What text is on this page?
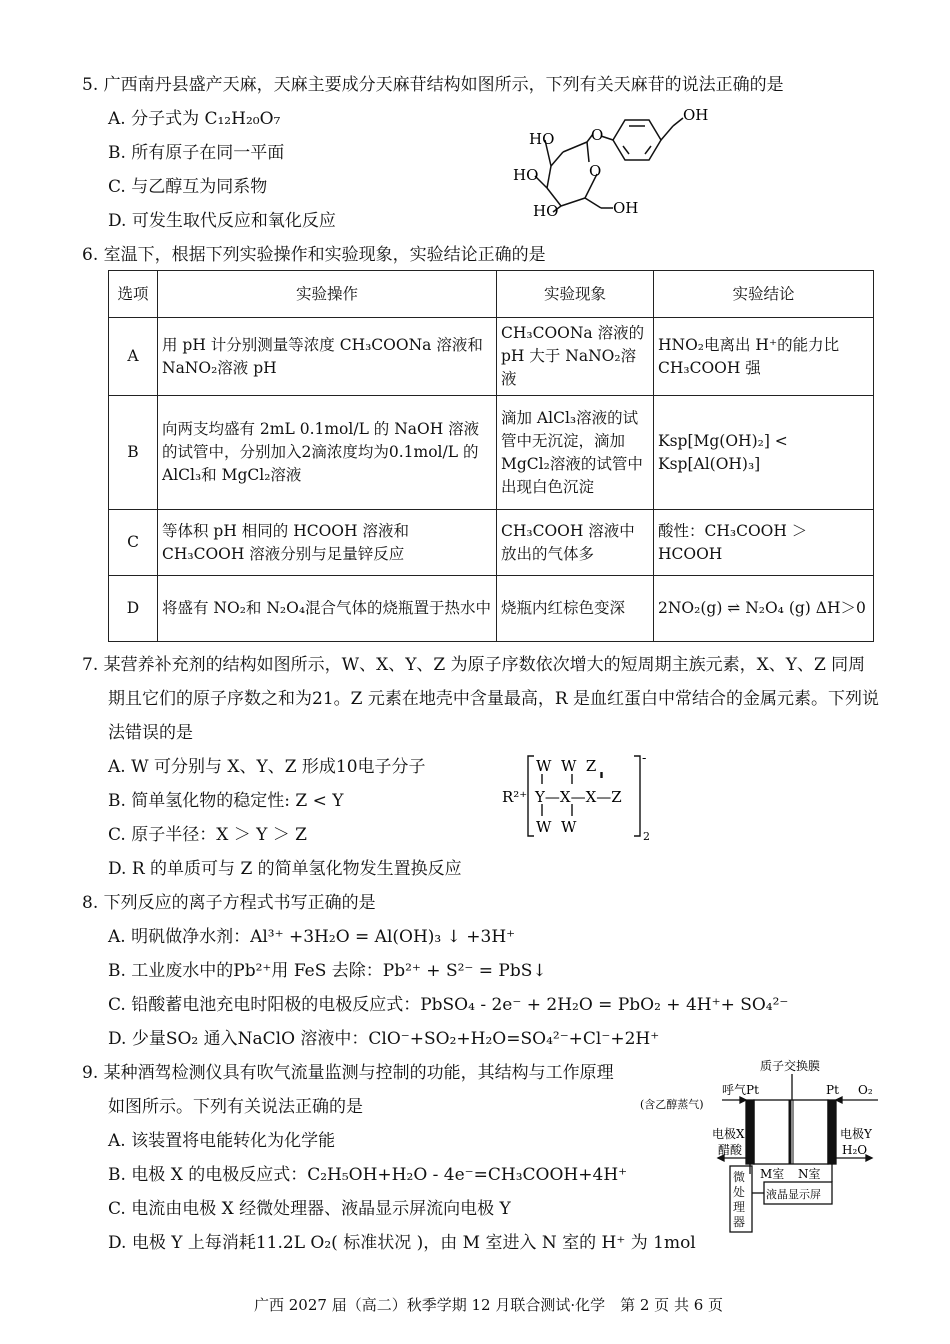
5. 广西南丹县盛产天麻，天麻主要成分天麻苷结构如图所示，下列有关天麻苷的说法正确的是
A. 分子式为 C₁₂H₂₀O₇
B. 所有原子在同一平面
C. 与乙醇互为同系物
D. 可发生取代反应和氧化反应
HO
HO
HO
OH
OH
O
O
6. 室温下，根据下列实验操作和实验现象，实验结论正确的是
选项	实验操作	实验现象	实验结论
A	用 pH 计分别测量等浓度 CH₃COONa 溶液和 NaNO₂溶液 pH	CH₃COONa 溶液的 pH 大于 NaNO₂溶液	HNO₂电离出 H⁺的能力比 CH₃COOH 强
B	向两支均盛有 2mL 0.1mol/L 的 NaOH 溶液的试管中，分别加入2滴浓度均为0.1mol/L 的 AlCl₃和 MgCl₂溶液	滴加 AlCl₃溶液的试管中无沉淀，滴加 MgCl₂溶液的试管中出现白色沉淀	Ksp[Mg(OH)₂] < Ksp[Al(OH)₃]
C	等体积 pH 相同的 HCOOH 溶液和 CH₃COOH 溶液分别与足量锌反应	CH₃COOH 溶液中放出的气体多	酸性：CH₃COOH ＞ HCOOH
D	将盛有 NO₂和 N₂O₄混合气体的烧瓶置于热水中	烧瓶内红棕色变深	2NO₂(g) ⇌ N₂O₄ (g) ΔH＞0
7. 某营养补充剂的结构如图所示，W、X、Y、Z 为原子序数依次增大的短周期主族元素，X、Y、Z 同周
期且它们的原子序数之和为21。Z 元素在地壳中含量最高，R 是血红蛋白中常结合的金属元素。下列说
法错误的是
A. W 可分别与 X、Y、Z 形成10电子分子
B. 简单氢化物的稳定性: Z < Y
C. 原子半径：X ＞ Y ＞ Z
D. R 的单质可与 Z 的简单氢化物发生置换反应
W  W  Z
R²⁺ Y—X—X—Z
W  W
2
-
8. 下列反应的离子方程式书写正确的是
A. 明矾做净水剂：Al³⁺ +3H₂O = Al(OH)₃ ↓ +3H⁺
B. 工业废水中的Pb²⁺用 FeS 去除：Pb²⁺ + S²⁻ = PbS↓
C. 铅酸蓄电池充电时阳极的电极反应式：PbSO₄ - 2e⁻ + 2H₂O = PbO₂ + 4H⁺+ SO₄²⁻
D. 少量SO₂ 通入NaClO 溶液中：ClO⁻+SO₂+H₂O=SO₄²⁻+Cl⁻+2H⁺
9. 某种酒驾检测仪具有吹气流量监测与控制的功能，其结构与工作原理
如图所示。下列有关说法正确的是
A. 该装置将电能转化为化学能
B. 电极 X 的电极反应式：C₂H₅OH+H₂O - 4e⁻=CH₃COOH+4H⁺
C. 电流由电极 X 经微处理器、液晶显示屏流向电极 Y
D. 电极 Y 上每消耗11.2L O₂( 标准状况 )，由 M 室进入 N 室的 H⁺ 为 1mol
质子交换膜
Pt	Pt
(含乙醇蒸气)
呼气	O₂
电极X
醋酸
电极Y
H₂O
M室 N室
液晶显示屏
微处理器
广西 2027 届（高二）秋季学期 12 月联合测试·化学　第 2 页 共 6 页
